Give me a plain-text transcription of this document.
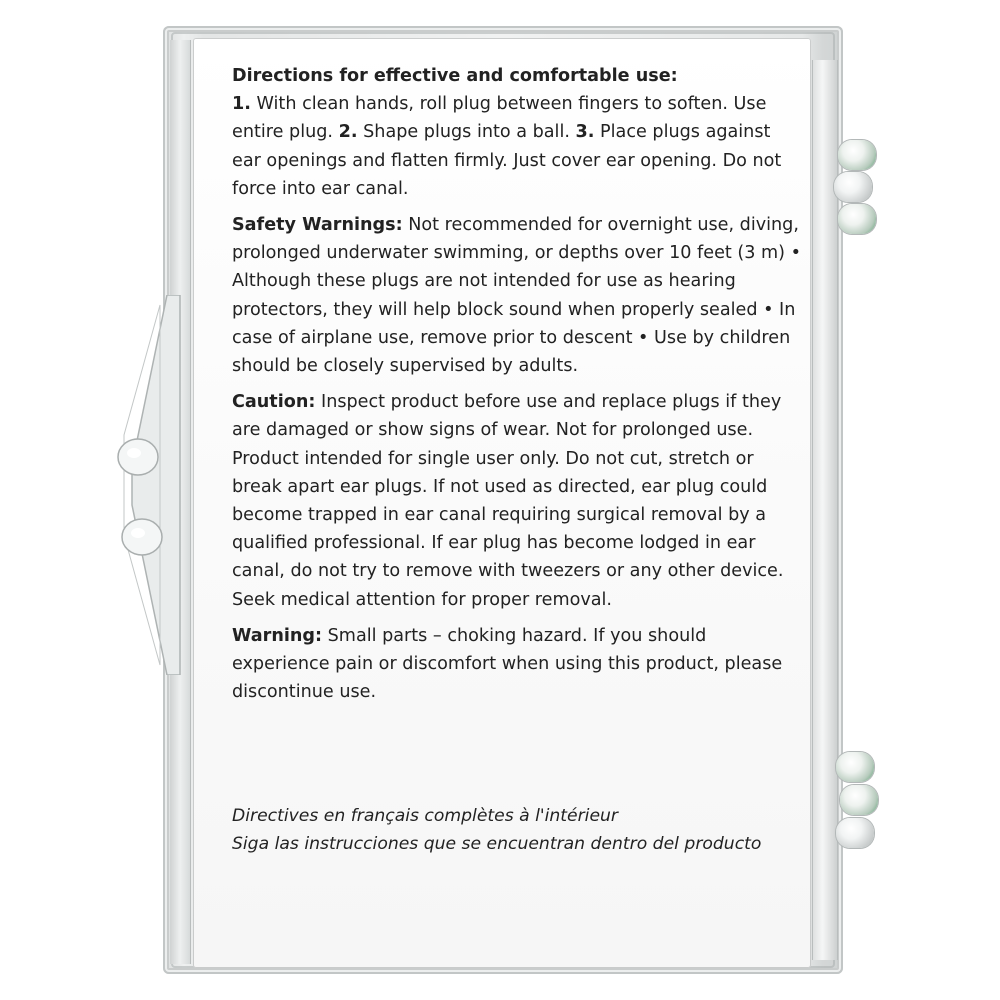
Directions for effective and comfortable use:
1. With clean hands, roll plug between fingers to soften. Use entire plug. 2. Shape plugs into a ball. 3. Place plugs against ear openings and flatten firmly. Just cover ear opening. Do not force into ear canal.
Safety Warnings: Not recommended for overnight use, diving, prolonged underwater swimming, or depths over 10 feet (3 m) • Although these plugs are not intended for use as hearing protectors, they will help block sound when properly sealed • In case of airplane use, remove prior to descent • Use by children should be closely supervised by adults.
Caution: Inspect product before use and replace plugs if they are damaged or show signs of wear. Not for prolonged use. Product intended for single user only. Do not cut, stretch or break apart ear plugs. If not used as directed, ear plug could become trapped in ear canal requiring surgical removal by a qualified professional. If ear plug has become lodged in ear canal, do not try to remove with tweezers or any other device. Seek medical attention for proper removal.
Warning: Small parts – choking hazard. If you should experience pain or discomfort when using this product, please discontinue use.
Directives en français complètes à l'intérieur
Siga las instrucciones que se encuentran dentro del producto
